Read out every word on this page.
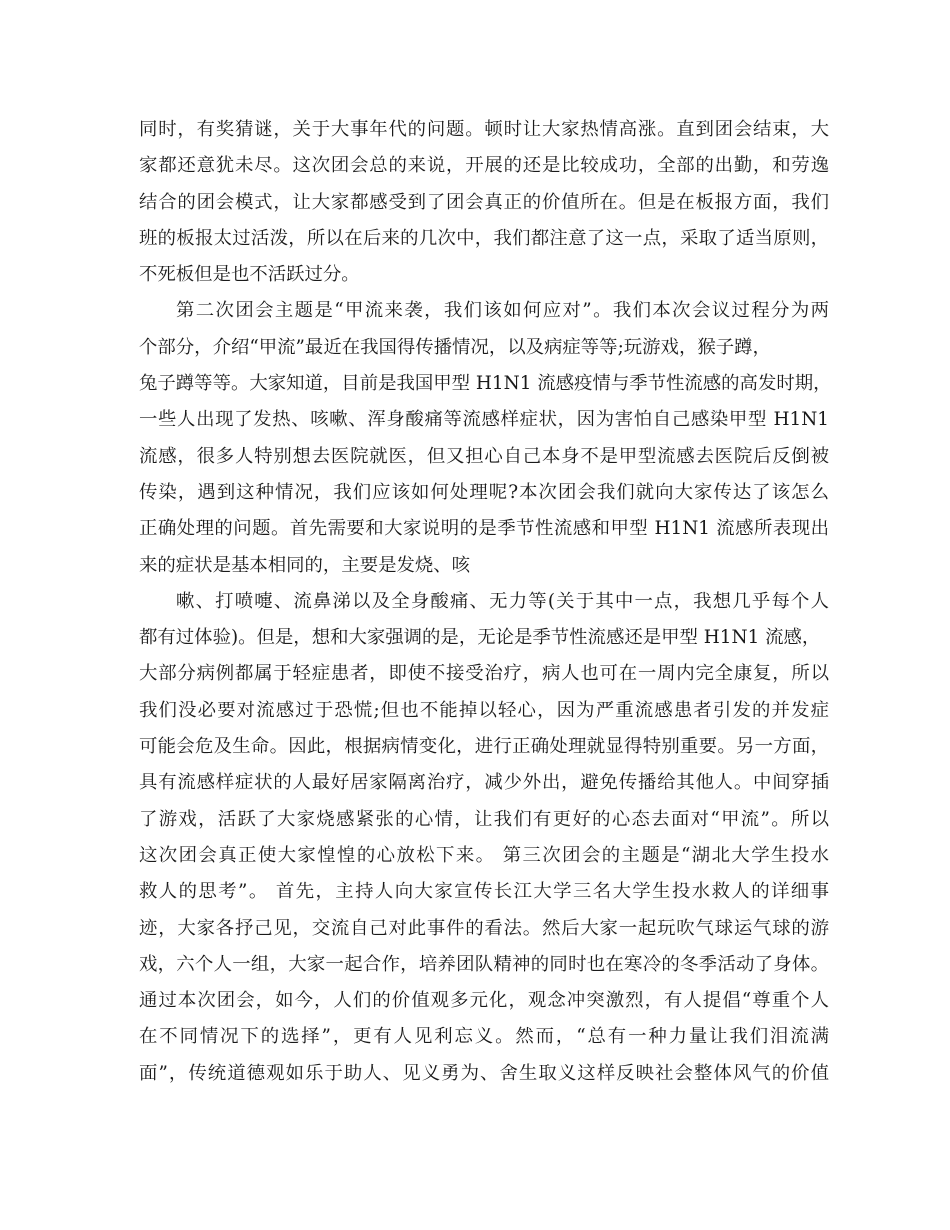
同时，有奖猜谜，关于大事年代的问题。顿时让大家热情高涨。直到团会结束，大
家都还意犹未尽。这次团会总的来说，开展的还是比较成功，全部的出勤，和劳逸
结合的团会模式，让大家都感受到了团会真正的价值所在。但是在板报方面，我们
班的板报太过活泼，所以在后来的几次中，我们都注意了这一点，采取了适当原则，
不死板但是也不活跃过分。
第二次团会主题是“甲流来袭，我们该如何应对”。我们本次会议过程分为两
个部分，介绍“甲流”最近在我国得传播情况，以及病症等等;玩游戏，猴子蹲，
兔子蹲等等。大家知道，目前是我国甲型 H1N1 流感疫情与季节性流感的高发时期，
一些人出现了发热、咳嗽、浑身酸痛等流感样症状，因为害怕自己感染甲型 H1N1
流感，很多人特别想去医院就医，但又担心自己本身不是甲型流感去医院后反倒被
传染，遇到这种情况，我们应该如何处理呢?本次团会我们就向大家传达了该怎么
正确处理的问题。首先需要和大家说明的是季节性流感和甲型 H1N1 流感所表现出
来的症状是基本相同的，主要是发烧、咳
嗽、打喷嚏、流鼻涕以及全身酸痛、无力等(关于其中一点，我想几乎每个人
都有过体验)。但是，想和大家强调的是，无论是季节性流感还是甲型 H1N1 流感，
大部分病例都属于轻症患者，即使不接受治疗，病人也可在一周内完全康复，所以
我们没必要对流感过于恐慌;但也不能掉以轻心，因为严重流感患者引发的并发症
可能会危及生命。因此，根据病情变化，进行正确处理就显得特别重要。另一方面，
具有流感样症状的人最好居家隔离治疗，减少外出，避免传播给其他人。中间穿插
了游戏，活跃了大家烧感紧张的心情，让我们有更好的心态去面对“甲流”。所以
这次团会真正使大家惶惶的心放松下来。 第三次团会的主题是“湖北大学生投水
救人的思考”。 首先，主持人向大家宣传长江大学三名大学生投水救人的详细事
迹，大家各抒己见，交流自己对此事件的看法。然后大家一起玩吹气球运气球的游
戏，六个人一组，大家一起合作，培养团队精神的同时也在寒冷的冬季活动了身体。
通过本次团会，如今，人们的价值观多元化，观念冲突激烈，有人提倡“尊重个人
在不同情况下的选择”，更有人见利忘义。然而，“总有一种力量让我们泪流满
面”，传统道德观如乐于助人、见义勇为、舍生取义这样反映社会整体风气的价值
